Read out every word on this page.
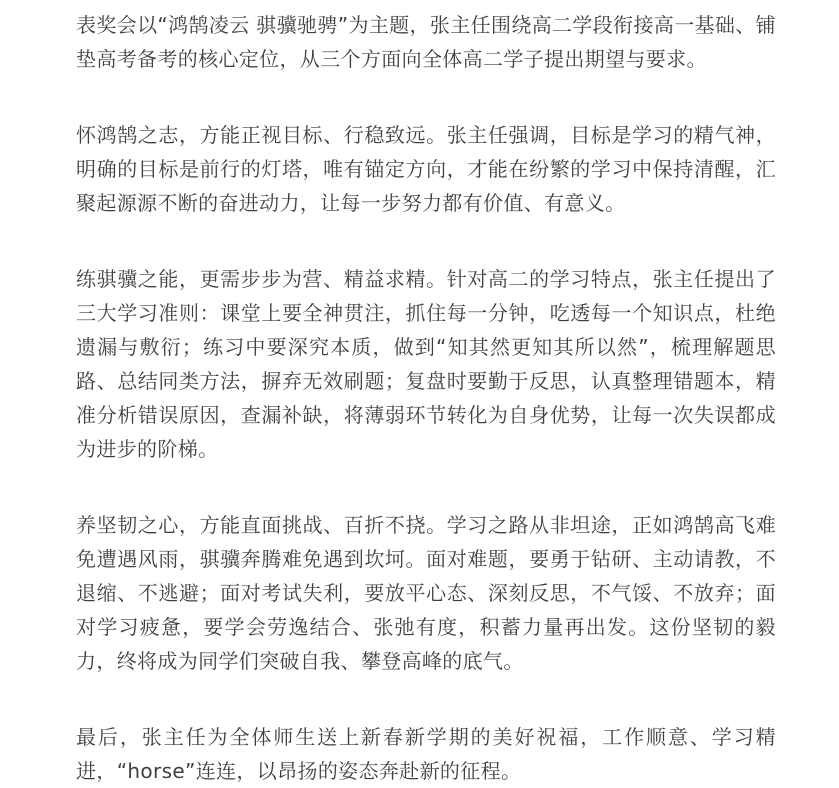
表奖会以“鸿鹄凌云 骐骥驰骋”为主题，张主任围绕高二学段衔接高一基础、铺垫高考备考的核心定位，从三个方面向全体高二学子提出期望与要求。

怀鸿鹄之志，方能正视目标、行稳致远。张主任强调，目标是学习的精气神，明确的目标是前行的灯塔，唯有锚定方向，才能在纷繁的学习中保持清醒，汇聚起源源不断的奋进动力，让每一步努力都有价值、有意义。

练骐骥之能，更需步步为营、精益求精。针对高二的学习特点，张主任提出了三大学习准则：课堂上要全神贯注，抓住每一分钟，吃透每一个知识点，杜绝遗漏与敷衍；练习中要深究本质，做到“知其然更知其所以然”，梳理解题思路、总结同类方法，摒弃无效刷题；复盘时要勤于反思，认真整理错题本，精准分析错误原因，查漏补缺，将薄弱环节转化为自身优势，让每一次失误都成为进步的阶梯。

养坚韧之心，方能直面挑战、百折不挠。学习之路从非坦途，正如鸿鹄高飞难免遭遇风雨，骐骥奔腾难免遇到坎坷。面对难题，要勇于钻研、主动请教，不退缩、不逃避；面对考试失利，要放平心态、深刻反思，不气馁、不放弃；面对学习疲惫，要学会劳逸结合、张弛有度，积蓄力量再出发。这份坚韧的毅力，终将成为同学们突破自我、攀登高峰的底气。

最后，张主任为全体师生送上新春新学期的美好祝福，工作顺意、学习精进，“horse”连连，以昂扬的姿态奔赴新的征程。
